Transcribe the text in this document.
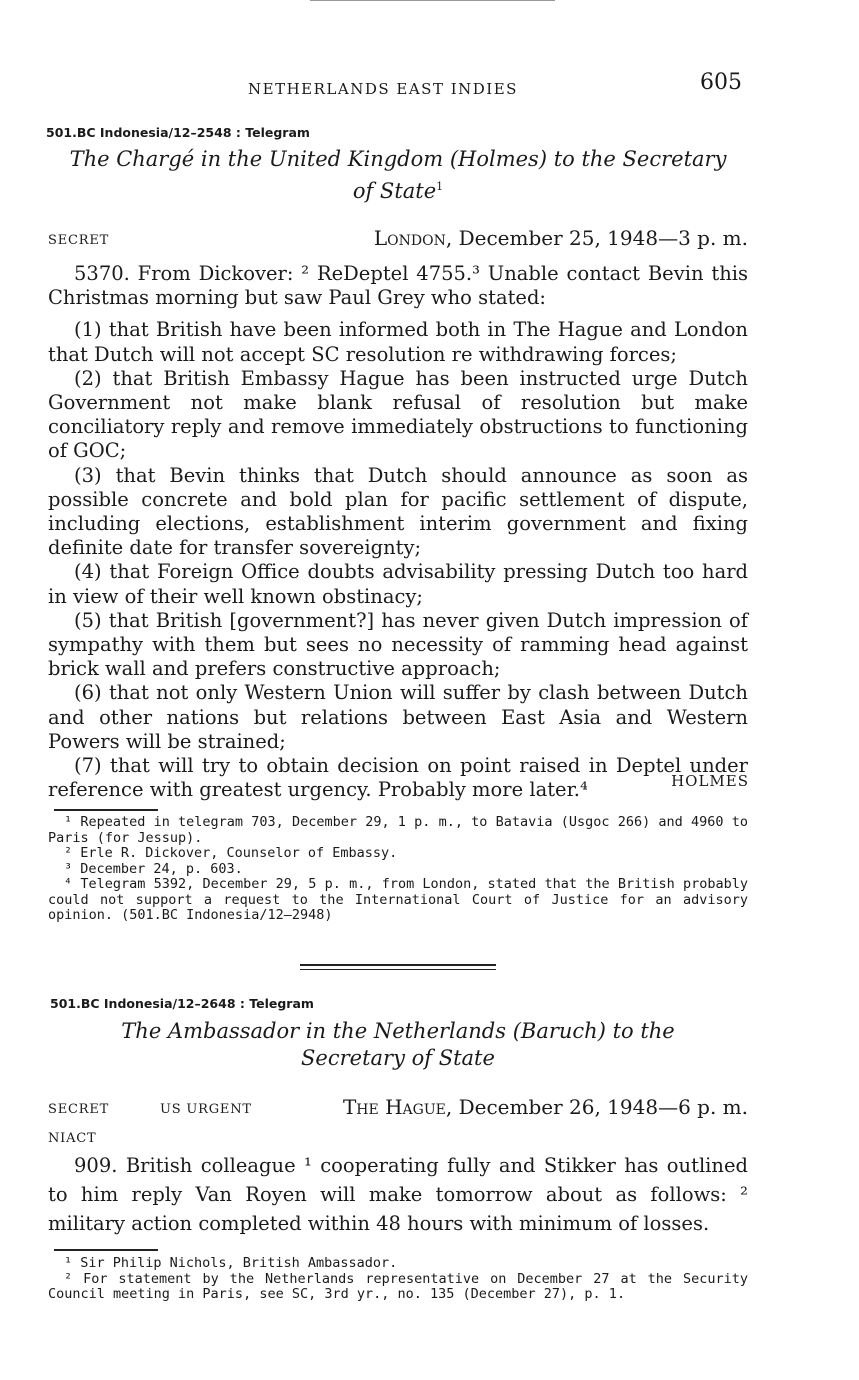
NETHERLANDS EAST INDIES	605
501.BC Indonesia/12–2548 : Telegram
The Chargé in the United Kingdom (Holmes) to the Secretary
of State$^1$
SECRET	London, December 25, 1948—3 p. m.

5370. From Dickover: ² ReDeptel 4755.³ Unable contact Bevin this Christmas morning but saw Paul Grey who stated:

(1) that British have been informed both in The Hague and London that Dutch will not accept SC resolution re withdrawing forces;

(2) that British Embassy Hague has been instructed urge Dutch Government not make blank refusal of resolution but make conciliatory reply and remove immediately obstructions to functioning of GOC;

(3) that Bevin thinks that Dutch should announce as soon as possible concrete and bold plan for pacific settlement of dispute, including elections, establishment interim government and fixing definite date for transfer sovereignty;

(4) that Foreign Office doubts advisability pressing Dutch too hard in view of their well known obstinacy;

(5) that British [government?] has never given Dutch impression of sympathy with them but sees no necessity of ramming head against brick wall and prefers constructive approach;

(6) that not only Western Union will suffer by clash between Dutch and other nations but relations between East Asia and Western Powers will be strained;

(7) that will try to obtain decision on point raised in Deptel under reference with greatest urgency. Probably more later.⁴	HOLMES

¹ Repeated in telegram 703, December 29, 1 p. m., to Batavia (Usgoc 266) and 4960 to Paris (for Jessup).

² Erle R. Dickover, Counselor of Embassy.

³ December 24, p. 603.

⁴ Telegram 5392, December 29, 5 p. m., from London, stated that the British probably could not support a request to the International Court of Justice for an advisory opinion. (501.BC Indonesia/12–2948)

501.BC Indonesia/12–2648 : Telegram
The Ambassador in the Netherlands (Baruch) to the
Secretary of State
SECRET	US URGENT	The Hague, December 26, 1948—6 p. m.
NIACT

909. British colleague ¹ cooperating fully and Stikker has outlined to him reply Van Royen will make tomorrow about as follows: ² military action completed within 48 hours with minimum of losses.

¹ Sir Philip Nichols, British Ambassador.

² For statement by the Netherlands representative on December 27 at the Security Council meeting in Paris, see SC, 3rd yr., no. 135 (December 27), p. 1.
